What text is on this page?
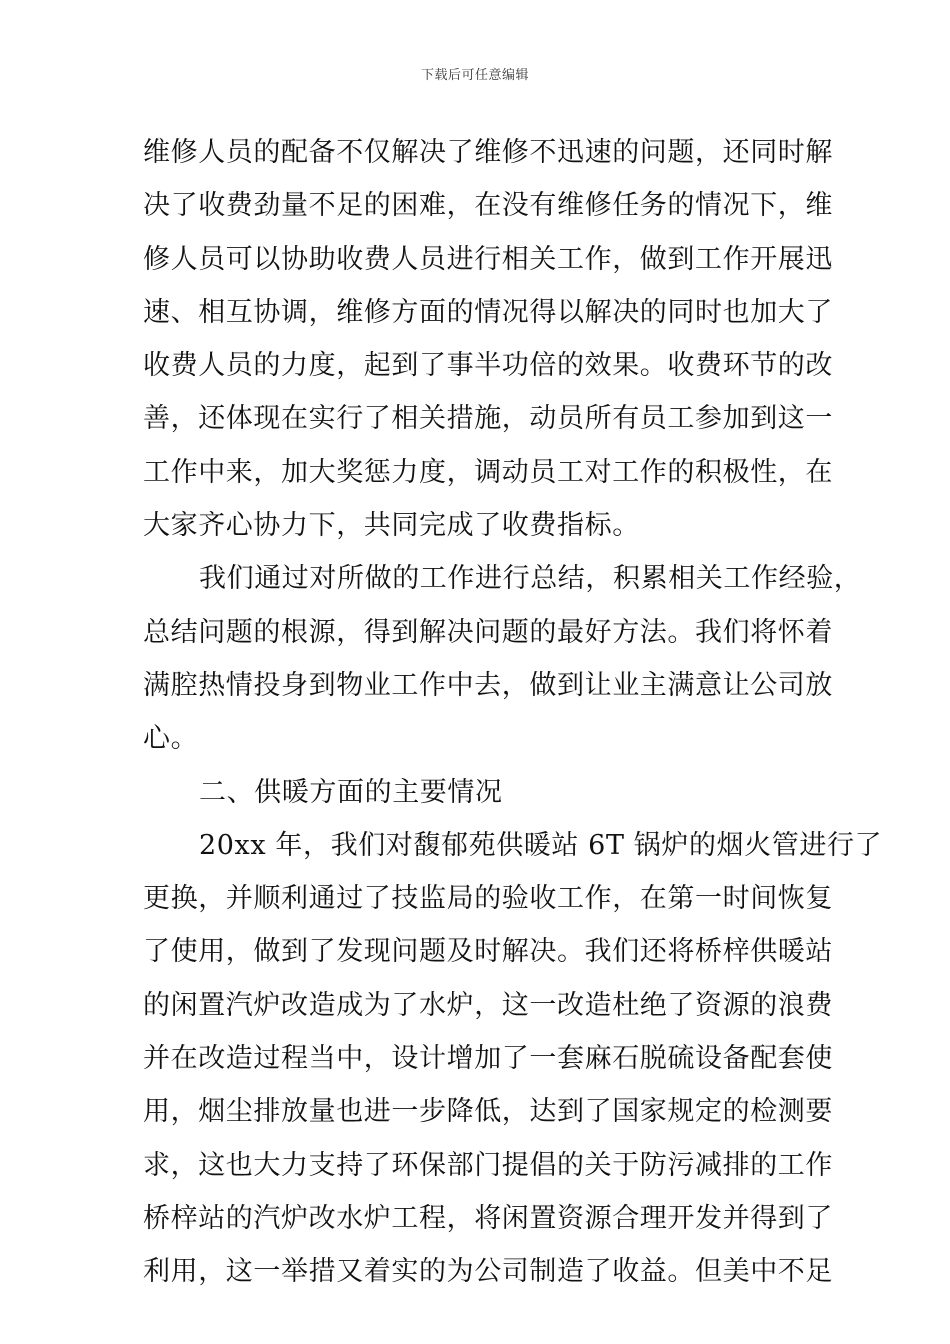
下载后可任意编辑
维修人员的配备不仅解决了维修不迅速的问题，还同时解
决了收费劲量不足的困难，在没有维修任务的情况下，维
修人员可以协助收费人员进行相关工作，做到工作开展迅
速、相互协调，维修方面的情况得以解决的同时也加大了
收费人员的力度，起到了事半功倍的效果。收费环节的改
善，还体现在实行了相关措施，动员所有员工参加到这一
工作中来，加大奖惩力度，调动员工对工作的积极性，在
大家齐心协力下，共同完成了收费指标。
我们通过对所做的工作进行总结，积累相关工作经验，
总结问题的根源，得到解决问题的最好方法。我们将怀着
满腔热情投身到物业工作中去，做到让业主满意让公司放
心。
二、供暖方面的主要情况
20xx 年，我们对馥郁苑供暖站 6T 锅炉的烟火管进行了
更换，并顺利通过了技监局的验收工作，在第一时间恢复
了使用，做到了发现问题及时解决。我们还将桥梓供暖站
的闲置汽炉改造成为了水炉，这一改造杜绝了资源的浪费
并在改造过程当中，设计增加了一套麻石脱硫设备配套使
用，烟尘排放量也进一步降低，达到了国家规定的检测要
求，这也大力支持了环保部门提倡的关于防污减排的工作
桥梓站的汽炉改水炉工程，将闲置资源合理开发并得到了
利用，这一举措又着实的为公司制造了收益。但美中不足
